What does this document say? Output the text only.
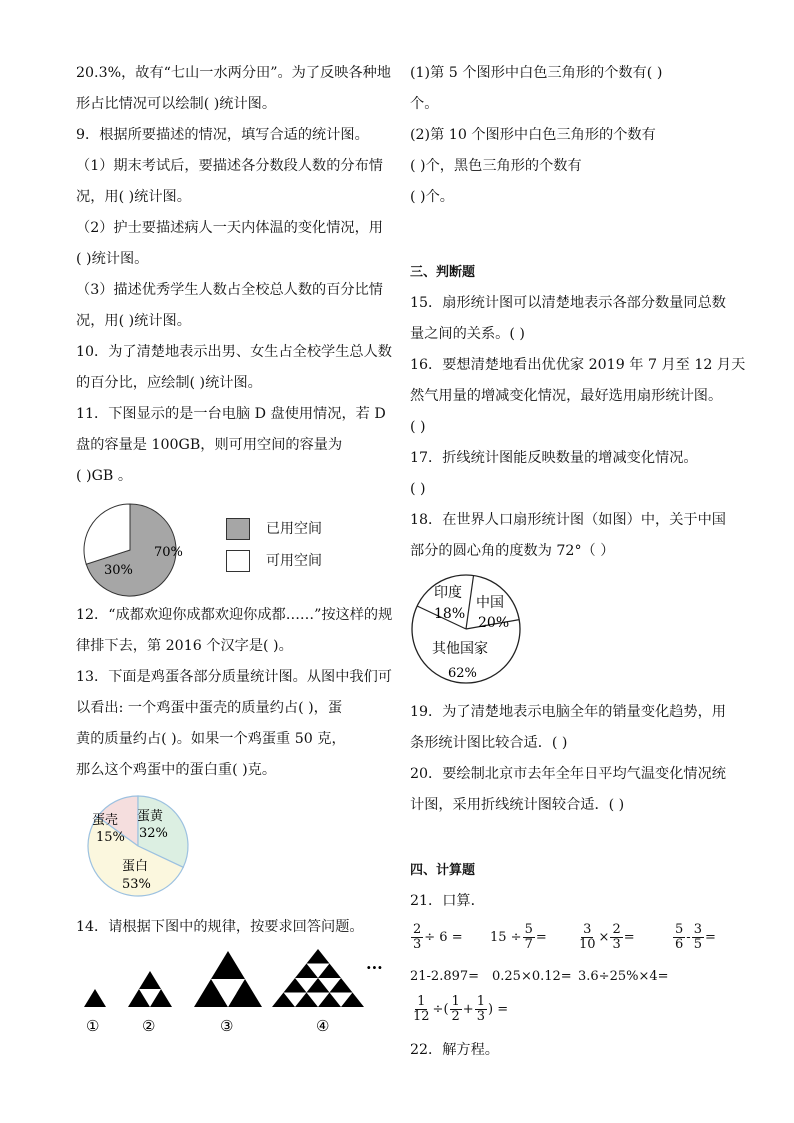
20.3%，故有“七山一水两分田”。为了反映各种地
形占比情况可以绘制( )统计图。
9．根据所要描述的情况，填写合适的统计图。
（1）期末考试后，要描述各分数段人数的分布情
况，用( )统计图。
（2）护士要描述病人一天内体温的变化情况，用
( )统计图。
（3）描述优秀学生人数占全校总人数的百分比情
况，用( )统计图。
10．为了清楚地表示出男、女生占全校学生总人数
的百分比，应绘制( )统计图。
11．下图显示的是一台电脑 D 盘使用情况，若 D
盘的容量是 100GB，则可用空间的容量为
( )GB 。
70%
30%
已用空间
可用空间
12．“成都欢迎你成都欢迎你成都……”按这样的规
律排下去，第 2016 个汉字是( )。
13．下面是鸡蛋各部分质量统计图。从图中我们可
以看出: 一个鸡蛋中蛋壳的质量约占( )，蛋
黄的质量约占( )。如果一个鸡蛋重 50 克，
那么这个鸡蛋中的蛋白重( )克。
蛋壳
15%
蛋黄
32%
蛋白
53%
14．请根据下图中的规律，按要求回答问题。
···
①	②	③	④
(1)第 5 个图形中白色三角形的个数有( )
个。
(2)第 10 个图形中白色三角形的个数有
( )个，黑色三角形的个数有
( )个。
三、判断题
15．扇形统计图可以清楚地表示各部分数量同总数
量之间的关系。( )
16．要想清楚地看出优优家 2019 年 7 月至 12 月天
然气用量的增减变化情况，最好选用扇形统计图。
( )
17．折线统计图能反映数量的增减变化情况。
( )
18．在世界人口扇形统计图（如图）中，关于中国
部分的圆心角的度数为 72°（ ）
印度
18%
中国
20%
其他国家
62%
19．为了清楚地表示电脑全年的销量变化趋势，用
条形统计图比较合适．( )
20．要绘制北京市去年全年日平均气温变化情况统
计图，采用折线统计图较合适．( )
四、计算题
21．口算．
$\frac{2}{3} \div 6 = 15 \div \frac{5}{7} = \frac{3}{10} \times \frac{2}{3}$ =	$\frac{5}{6} - \frac{3}{5}$ =
21-2.897= 0.25×0.12= 3.6÷25%×4=
$\frac{1}{12}$ ÷( $\frac{1}{2} + \frac{1}{3}$ ) =
22．解方程。
